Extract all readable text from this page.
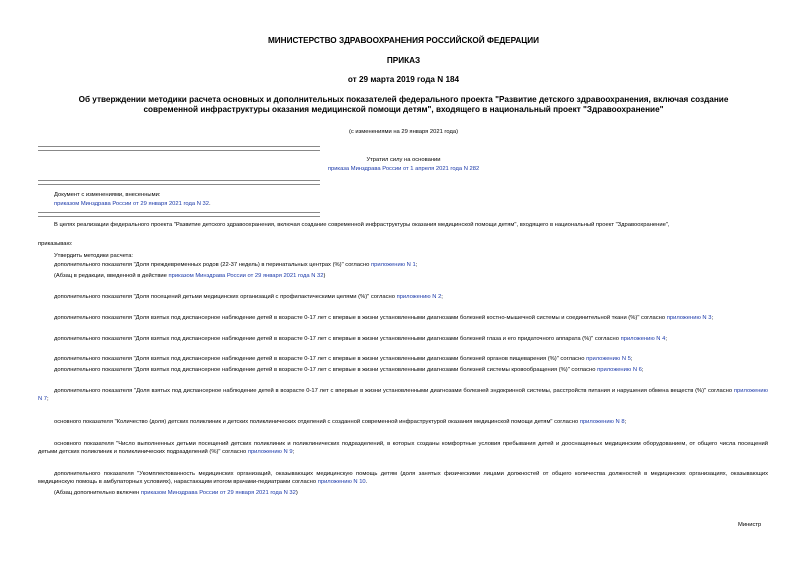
МИНИСТЕРСТВО ЗДРАВООХРАНЕНИЯ РОССИЙСКОЙ ФЕДЕРАЦИИ
ПРИКАЗ
от 29 марта 2019 года N 184
Об утверждении методики расчета основных и дополнительных показателей федерального проекта "Развитие детского здравоохранения, включая создание
современной инфраструктуры оказания медицинской помощи детям", входящего в национальный проект "Здравоохранение"
(с изменениями на 29 января 2021 года)
Утратил силу на основании
приказа Минздрава России от 1 апреля 2021 года N 282
Документ с изменениями, внесенными:
приказом Минздрава России от 29 января 2021 года N 32.
В целях реализации федерального проекта "Развитие детского здравоохранения, включая создание современной инфраструктуры оказания медицинской помощи детям", входящего в национальный проект "Здравоохранение",
приказываю:
Утвердить методики расчета:
дополнительного показателя "Доля преждевременных родов (22-37 недель) в перинатальных центрах (%)" согласно приложению N 1;
(Абзац в редакции, введенной в действие приказом Минздрава России от 29 января 2021 года N 32)
дополнительного показателя "Доля посещений детьми медицинских организаций с профилактическими целями (%)" согласно приложению N 2;
дополнительного показателя "Доля взятых под диспансерное наблюдение детей в возрасте 0-17 лет с впервые в жизни установленными диагнозами болезней костно-мышечной системы и соединительной ткани (%)" согласно приложению N 3;
дополнительного показателя "Доля взятых под диспансерное наблюдение детей в возрасте 0-17 лет с впервые в жизни установленными диагнозами болезней глаза и его придаточного аппарата (%)" согласно приложению N 4;
дополнительного показателя "Доля взятых под диспансерное наблюдение детей в возрасте 0-17 лет с впервые в жизни установленными диагнозами болезней органов пищеварения (%)" согласно приложению N 5;
дополнительного показателя "Доля взятых под диспансерное наблюдение детей в возрасте 0-17 лет с впервые в жизни установленными диагнозами болезней системы кровообращения (%)" согласно приложению N 6;
дополнительного показателя "Доля взятых под диспансерное наблюдение детей в возрасте 0-17 лет с впервые в жизни установленными диагнозами болезней эндокринной системы, расстройств питания и нарушения обмена веществ (%)" согласно приложению N 7;
основного показателя "Количество (доля) детских поликлиник и детских поликлинических отделений с созданной современной инфраструктурой оказания медицинской помощи детям" согласно приложению N 8;
основного показателя "Число выполненных детьми посещений детских поликлиник и поликлинических подразделений, в которых созданы комфортные условия пребывания детей и дооснащенных медицинским оборудованием, от общего числа посещений детьми детских поликлиник и поликлинических подразделений (%)" согласно приложению N 9;
дополнительного показателя "Укомплектованность медицинских организаций, оказывающих медицинскую помощь детям (доля занятых физическими лицами должностей от общего количества должностей в медицинских организациях, оказывающих медицинскую помощь в амбулаторных условиях), нарастающим итогом врачами-педиатрами согласно приложению N 10.
(Абзац дополнительно включен приказом Минздрава России от 29 января 2021 года N 32)
Министр
